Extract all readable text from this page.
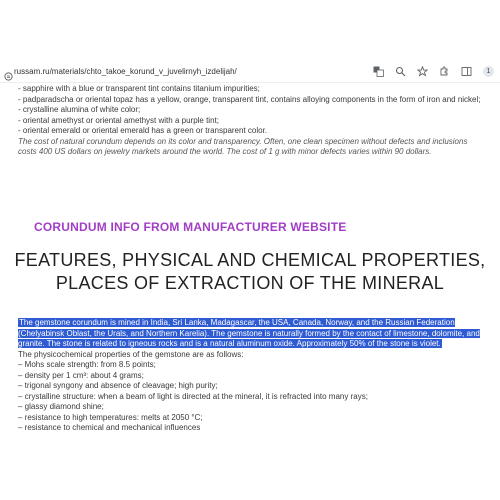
russam.ru/materials/chto_takoe_korund_v_juvelirnyh_izdelijah/	1

- sapphire with a blue or transparent tint contains titanium impurities;

- padparadscha or oriental topaz has a yellow, orange, transparent tint, contains alloying components in the form of iron and nickel;

- crystalline alumina of white color;

- oriental amethyst or oriental amethyst with a purple tint;

- oriental emerald or oriental emerald has a green or transparent color.

The cost of natural corundum depends on its color and transparency. Often, one clean specimen without defects and inclusions costs 400 US dollars on jewelry markets around the world. The cost of 1 g with minor defects varies within 90 dollars.

CORUNDUM INFO FROM MANUFACTURER WEBSITE
FEATURES, PHYSICAL AND CHEMICAL PROPERTIES,
PLACES OF EXTRACTION OF THE MINERAL

The gemstone corundum is mined in India, Sri Lanka, Madagascar, the USA, Canada, Norway, and the Russian Federation (Chelyabinsk Oblast, the Urals, and Northern Karelia). The gemstone is naturally formed by the contact of limestone, dolomite, and granite. The stone is related to igneous rocks and is a natural aluminum oxide. Approximately 50% of the stone is violet.

The physicochemical properties of the gemstone are as follows:

– Mohs scale strength: from 8.5 points;

– density per 1 cm³: about 4 grams;

– trigonal syngony and absence of cleavage; high purity;

– crystalline structure: when a beam of light is directed at the mineral, it is refracted into many rays;

– glassy diamond shine;

– resistance to high temperatures: melts at 2050 °C;

– resistance to chemical and mechanical influences
